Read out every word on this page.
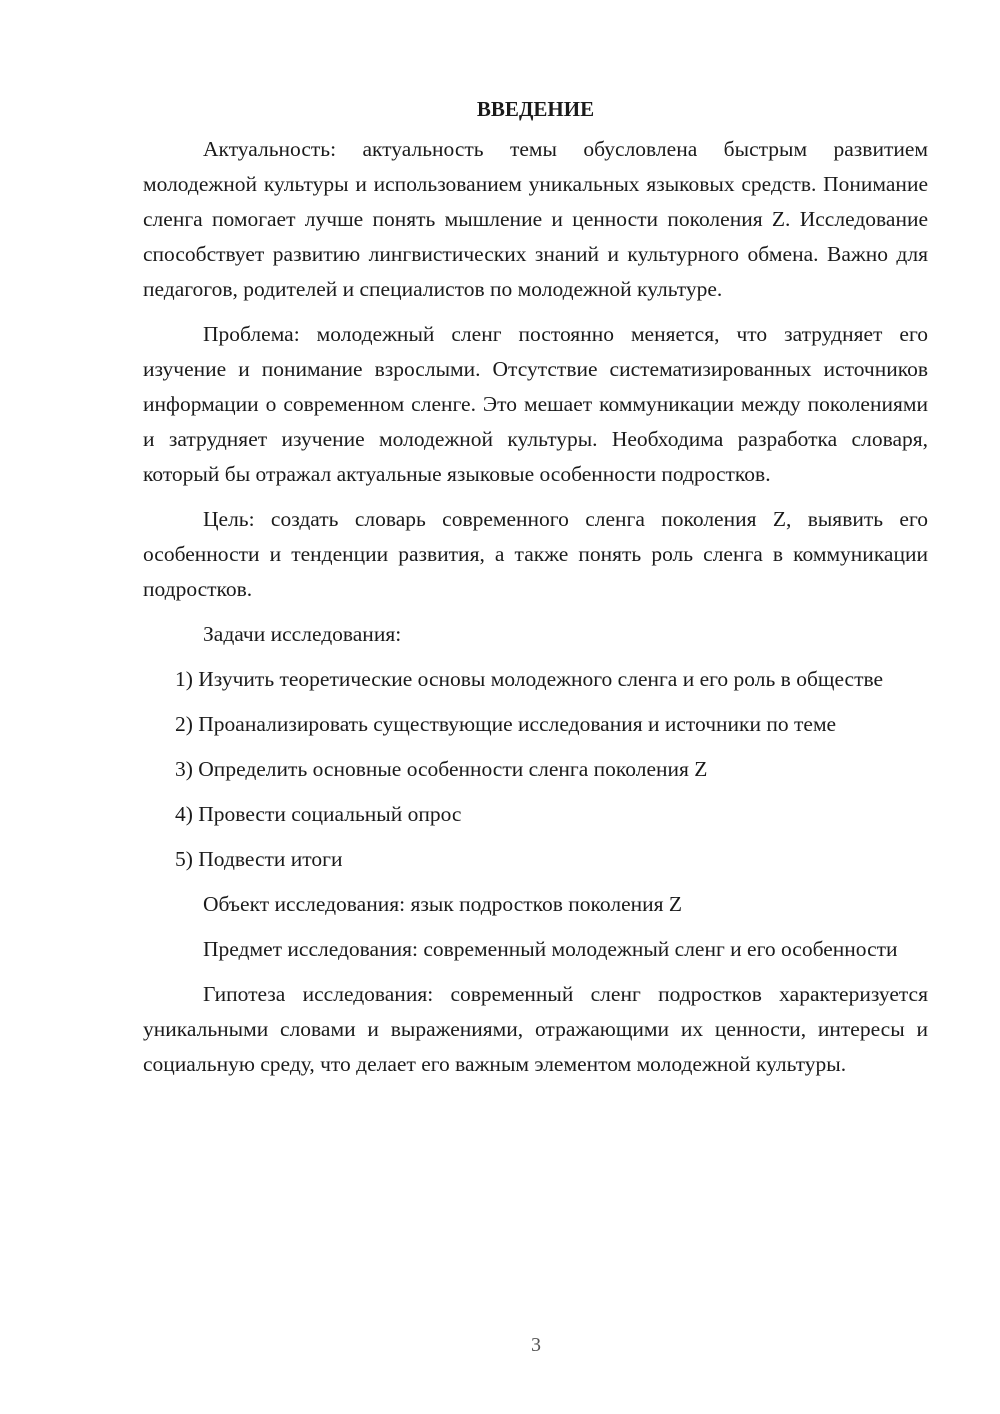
ВВЕДЕНИЕ

Актуальность: актуальность темы обусловлена быстрым развитием молодежной культуры и использованием уникальных языковых средств. Понимание сленга помогает лучше понять мышление и ценности поколения Z. Исследование способствует развитию лингвистических знаний и культурного обмена. Важно для педагогов, родителей и специалистов по молодежной культуре.

Проблема: молодежный сленг постоянно меняется, что затрудняет его изучение и понимание взрослыми. Отсутствие систематизированных источников информации о современном сленге. Это мешает коммуникации между поколениями и затрудняет изучение молодежной культуры. Необходима разработка словаря, который бы отражал актуальные языковые особенности подростков.

Цель: создать словарь современного сленга поколения Z, выявить его особенности и тенденции развития, а также понять роль сленга в коммуникации подростков.

Задачи исследования:

1) Изучить теоретические основы молодежного сленга и его роль в обществе

2) Проанализировать существующие исследования и источники по теме

3) Определить основные особенности сленга поколения Z

4) Провести социальный опрос

5) Подвести итоги

Объект исследования: язык подростков поколения Z

Предмет исследования: современный молодежный сленг и его особенности

Гипотеза исследования: современный сленг подростков характеризуется уникальными словами и выражениями, отражающими их ценности, интересы и социальную среду, что делает его важным элементом молодежной культуры.

3
